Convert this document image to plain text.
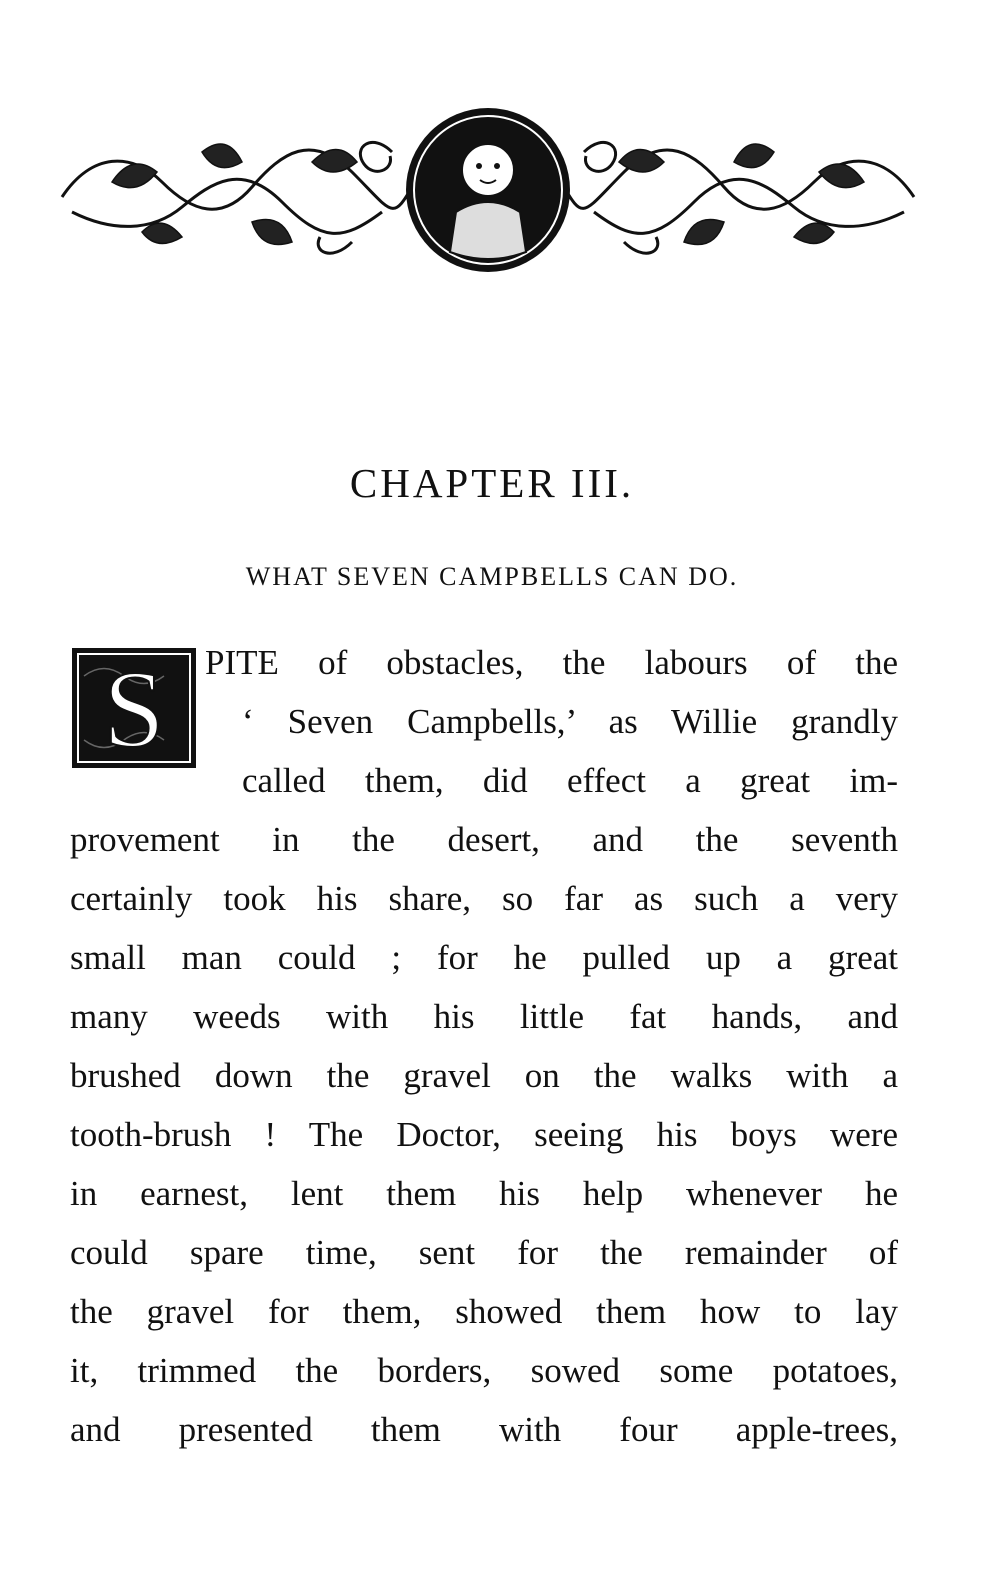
CHAPTER III.
WHAT SEVEN CAMPBELLS CAN DO.
S PITE of obstacles, the labours of the
‘ Seven Campbells,’ as Willie grandly
called them, did effect a great im-
provement in the desert, and the seventh
certainly took his share, so far as such a very
small man could ; for he pulled up a great
many weeds with his little fat hands, and
brushed down the gravel on the walks with a
tooth-brush ! The Doctor, seeing his boys were
in earnest, lent them his help whenever he
could spare time, sent for the remainder of
the gravel for them, showed them how to lay
it, trimmed the borders, sowed some potatoes,
and presented them with four apple-trees,
